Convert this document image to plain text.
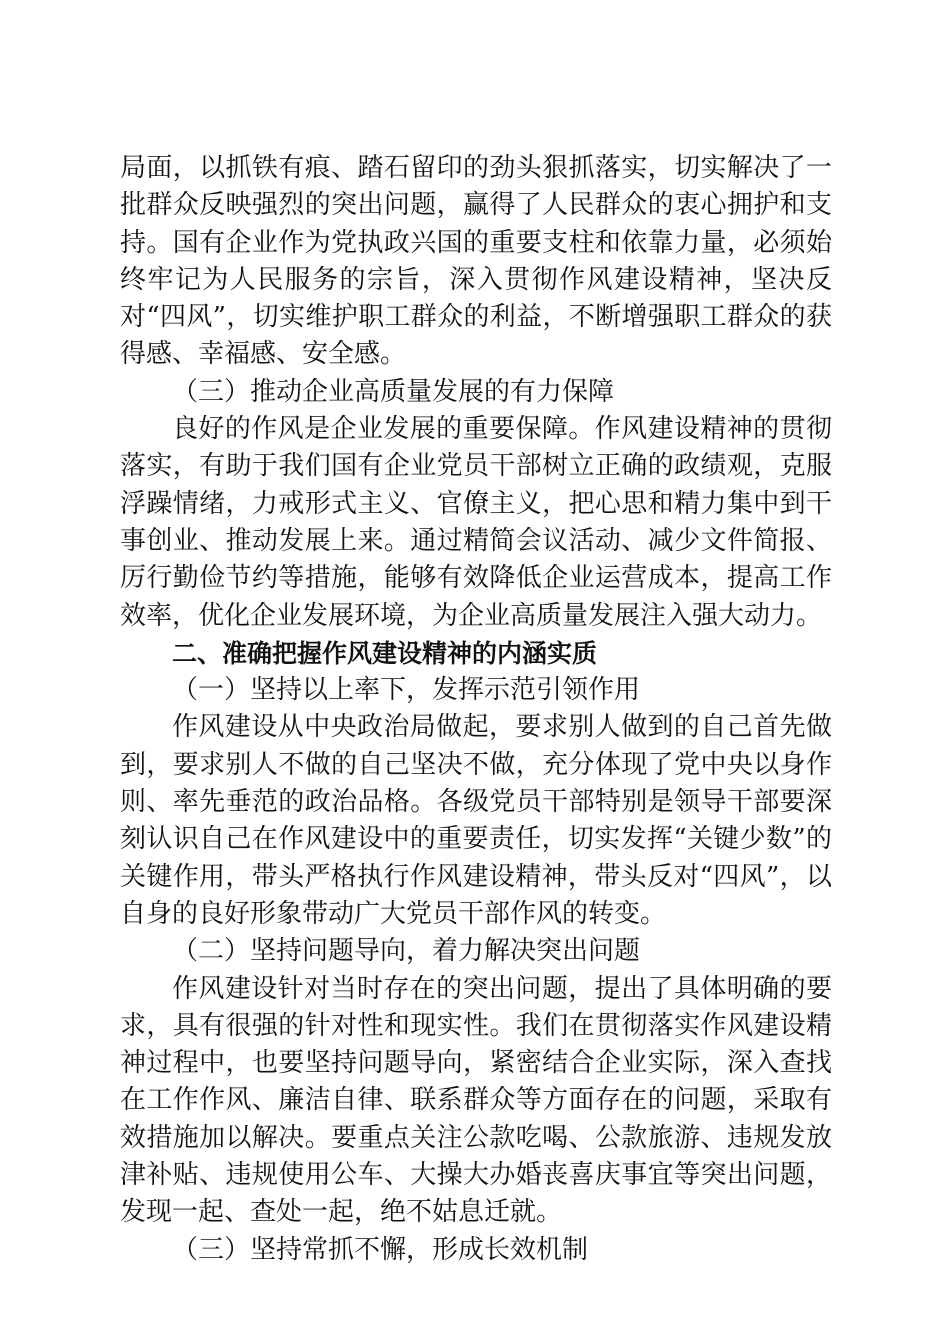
局面，以抓铁有痕、踏石留印的劲头狠抓落实，切实解决了一批群众反映强烈的突出问题，赢得了人民群众的衷心拥护和支持。国有企业作为党执政兴国的重要支柱和依靠力量，必须始终牢记为人民服务的宗旨，深入贯彻作风建设精神，坚决反对“四风”，切实维护职工群众的利益，不断增强职工群众的获得感、幸福感、安全感。

（三）推动企业高质量发展的有力保障

良好的作风是企业发展的重要保障。作风建设精神的贯彻落实，有助于我们国有企业党员干部树立正确的政绩观，克服浮躁情绪，力戒形式主义、官僚主义，把心思和精力集中到干事创业、推动发展上来。通过精简会议活动、减少文件简报、厉行勤俭节约等措施，能够有效降低企业运营成本，提高工作效率，优化企业发展环境，为企业高质量发展注入强大动力。

二、准确把握作风建设精神的内涵实质

（一）坚持以上率下，发挥示范引领作用

作风建设从中央政治局做起，要求别人做到的自己首先做到，要求别人不做的自己坚决不做，充分体现了党中央以身作则、率先垂范的政治品格。各级党员干部特别是领导干部要深刻认识自己在作风建设中的重要责任，切实发挥“关键少数”的关键作用，带头严格执行作风建设精神，带头反对“四风”，以自身的良好形象带动广大党员干部作风的转变。

（二）坚持问题导向，着力解决突出问题

作风建设针对当时存在的突出问题，提出了具体明确的要求，具有很强的针对性和现实性。我们在贯彻落实作风建设精神过程中，也要坚持问题导向，紧密结合企业实际，深入查找在工作作风、廉洁自律、联系群众等方面存在的问题，采取有效措施加以解决。要重点关注公款吃喝、公款旅游、违规发放津补贴、违规使用公车、大操大办婚丧喜庆事宜等突出问题，发现一起、查处一起，绝不姑息迁就。

（三）坚持常抓不懈，形成长效机制
